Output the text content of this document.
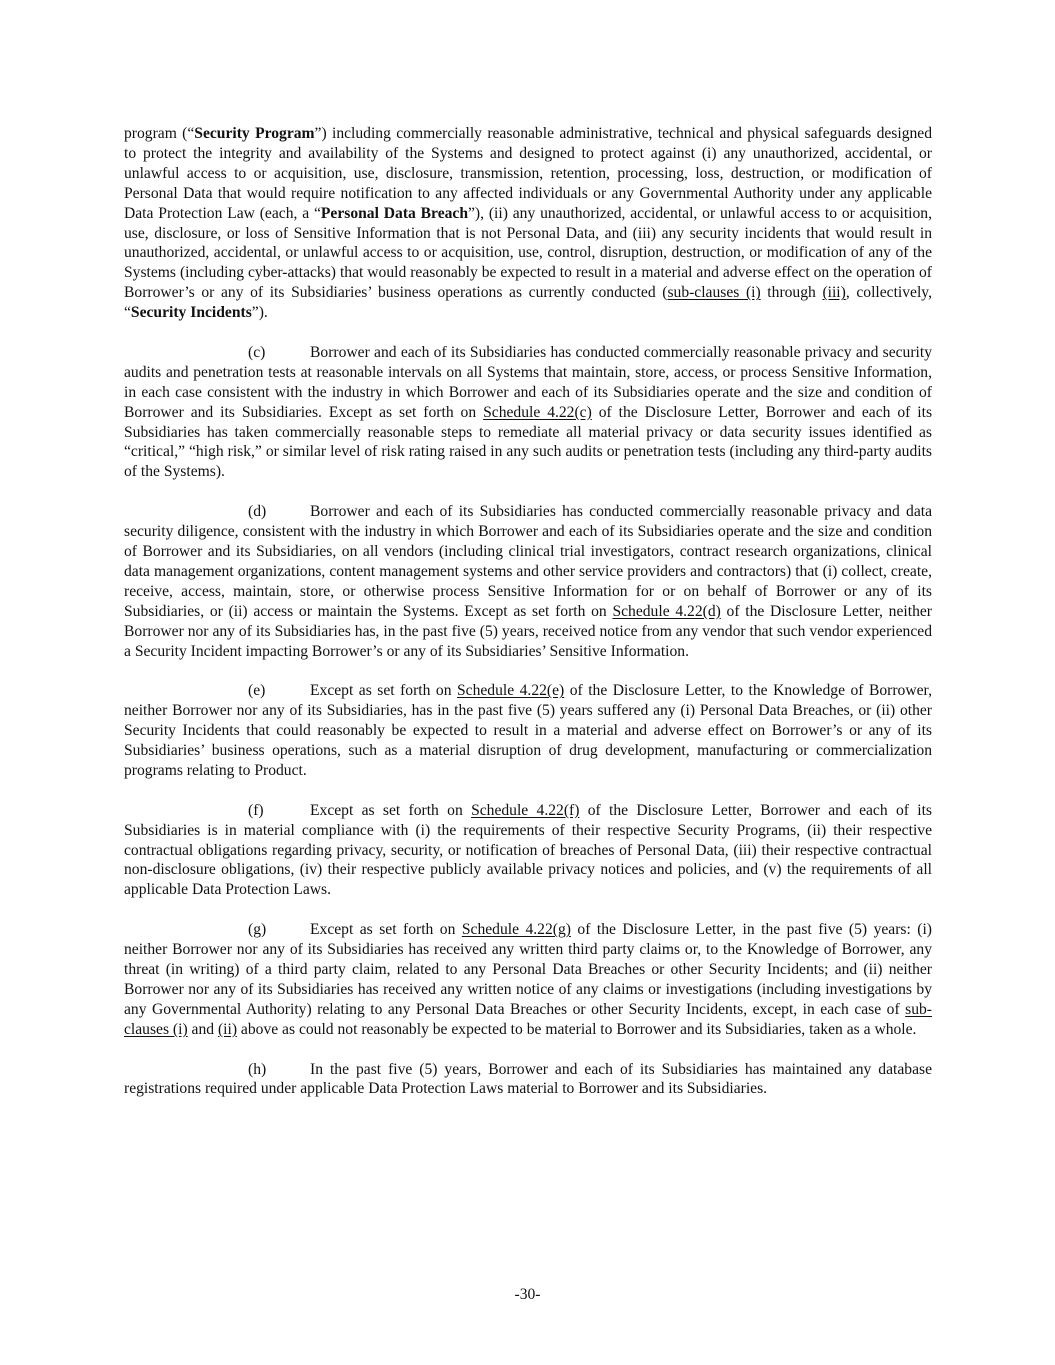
program (“Security Program”) including commercially reasonable administrative, technical and physical safeguards designed to protect the integrity and availability of the Systems and designed to protect against (i) any unauthorized, accidental, or unlawful access to or acquisition, use, disclosure, transmission, retention, processing, loss, destruction, or modification of Personal Data that would require notification to any affected individuals or any Governmental Authority under any applicable Data Protection Law (each, a “Personal Data Breach”), (ii) any unauthorized, accidental, or unlawful access to or acquisition, use, disclosure, or loss of Sensitive Information that is not Personal Data, and (iii) any security incidents that would result in unauthorized, accidental, or unlawful access to or acquisition, use, control, disruption, destruction, or modification of any of the Systems (including cyber-attacks) that would reasonably be expected to result in a material and adverse effect on the operation of Borrower’s or any of its Subsidiaries’ business operations as currently conducted (sub-clauses (i) through (iii), collectively, “Security Incidents”).

(c)	Borrower and each of its Subsidiaries has conducted commercially reasonable privacy and security audits and penetration tests at reasonable intervals on all Systems that maintain, store, access, or process Sensitive Information, in each case consistent with the industry in which Borrower and each of its Subsidiaries operate and the size and condition of Borrower and its Subsidiaries. Except as set forth on Schedule 4.22(c) of the Disclosure Letter, Borrower and each of its Subsidiaries has taken commercially reasonable steps to remediate all material privacy or data security issues identified as “critical,” “high risk,” or similar level of risk rating raised in any such audits or penetration tests (including any third-party audits of the Systems).

(d)	Borrower and each of its Subsidiaries has conducted commercially reasonable privacy and data security diligence, consistent with the industry in which Borrower and each of its Subsidiaries operate and the size and condition of Borrower and its Subsidiaries, on all vendors (including clinical trial investigators, contract research organizations, clinical data management organizations, content management systems and other service providers and contractors) that (i) collect, create, receive, access, maintain, store, or otherwise process Sensitive Information for or on behalf of Borrower or any of its Subsidiaries, or (ii) access or maintain the Systems. Except as set forth on Schedule 4.22(d) of the Disclosure Letter, neither Borrower nor any of its Subsidiaries has, in the past five (5) years, received notice from any vendor that such vendor experienced a Security Incident impacting Borrower’s or any of its Subsidiaries’ Sensitive Information.

(e)	Except as set forth on Schedule 4.22(e) of the Disclosure Letter, to the Knowledge of Borrower, neither Borrower nor any of its Subsidiaries, has in the past five (5) years suffered any (i) Personal Data Breaches, or (ii) other Security Incidents that could reasonably be expected to result in a material and adverse effect on Borrower’s or any of its Subsidiaries’ business operations, such as a material disruption of drug development, manufacturing or commercialization programs relating to Product.

(f)	Except as set forth on Schedule 4.22(f) of the Disclosure Letter, Borrower and each of its Subsidiaries is in material compliance with (i) the requirements of their respective Security Programs, (ii) their respective contractual obligations regarding privacy, security, or notification of breaches of Personal Data, (iii) their respective contractual non-disclosure obligations, (iv) their respective publicly available privacy notices and policies, and (v) the requirements of all applicable Data Protection Laws.

(g)	Except as set forth on Schedule 4.22(g) of the Disclosure Letter, in the past five (5) years: (i) neither Borrower nor any of its Subsidiaries has received any written third party claims or, to the Knowledge of Borrower, any threat (in writing) of a third party claim, related to any Personal Data Breaches or other Security Incidents; and (ii) neither Borrower nor any of its Subsidiaries has received any written notice of any claims or investigations (including investigations by any Governmental Authority) relating to any Personal Data Breaches or other Security Incidents, except, in each case of sub-clauses (i) and (ii) above as could not reasonably be expected to be material to Borrower and its Subsidiaries, taken as a whole.

(h)	In the past five (5) years, Borrower and each of its Subsidiaries has maintained any database registrations required under applicable Data Protection Laws material to Borrower and its Subsidiaries.

-30-
